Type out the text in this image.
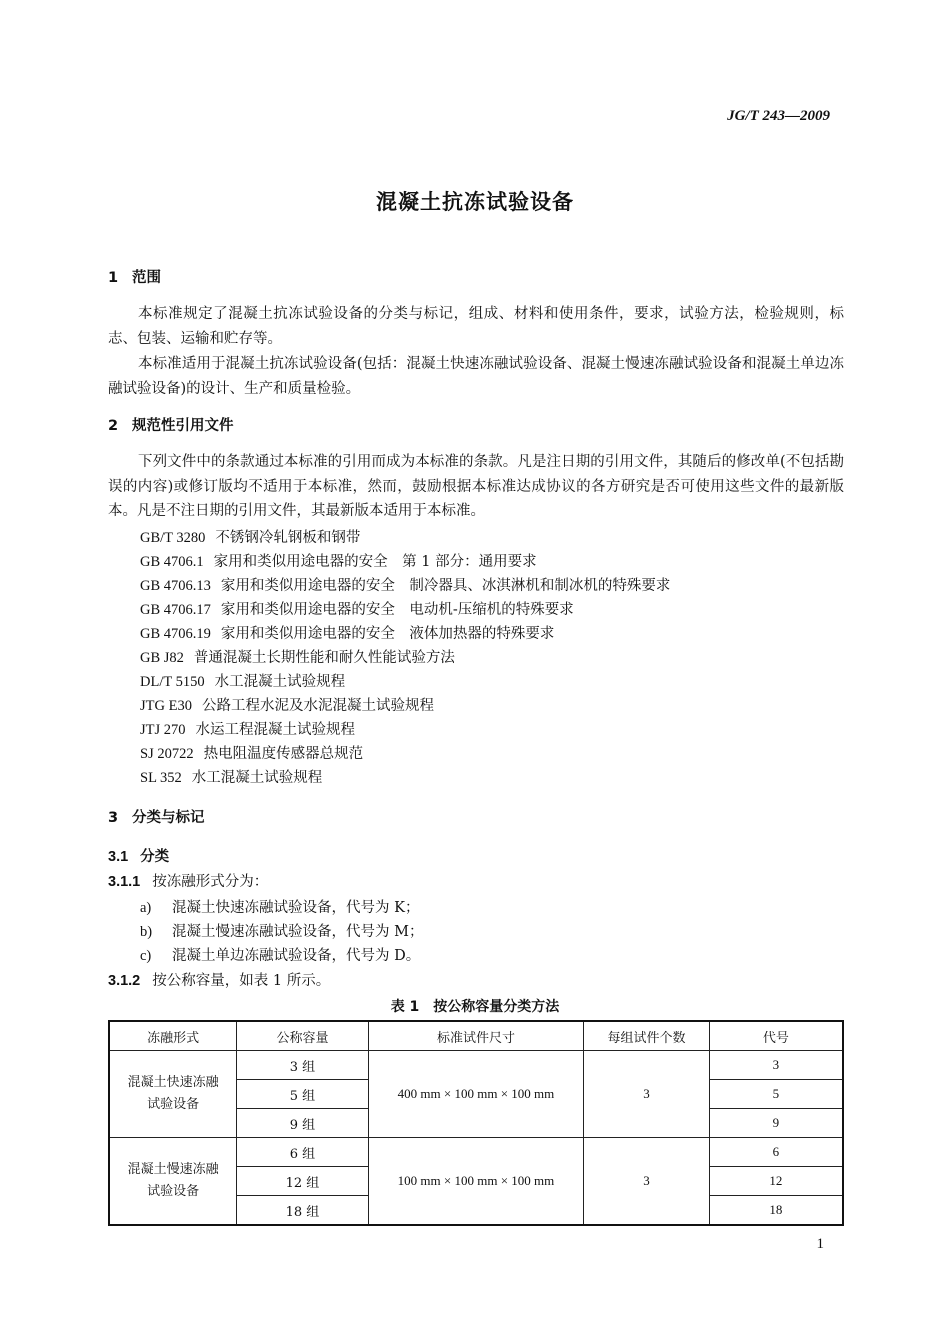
JG/T 243—2009
混凝土抗冻试验设备
1 范围
本标准规定了混凝土抗冻试验设备的分类与标记，组成、材料和使用条件，要求，试验方法，检验规则，标志、包装、运输和贮存等。
本标准适用于混凝土抗冻试验设备(包括：混凝土快速冻融试验设备、混凝土慢速冻融试验设备和混凝土单边冻融试验设备)的设计、生产和质量检验。
2 规范性引用文件
下列文件中的条款通过本标准的引用而成为本标准的条款。凡是注日期的引用文件，其随后的修改单(不包括勘误的内容)或修订版均不适用于本标准，然而，鼓励根据本标准达成协议的各方研究是否可使用这些文件的最新版本。凡是不注日期的引用文件，其最新版本适用于本标准。
GB/T 3280 不锈钢冷轧钢板和钢带
GB 4706.1 家用和类似用途电器的安全　第 1 部分：通用要求
GB 4706.13 家用和类似用途电器的安全　制冷器具、冰淇淋机和制冰机的特殊要求
GB 4706.17 家用和类似用途电器的安全　电动机-压缩机的特殊要求
GB 4706.19 家用和类似用途电器的安全　液体加热器的特殊要求
GB J82 普通混凝土长期性能和耐久性能试验方法
DL/T 5150 水工混凝土试验规程
JTG E30 公路工程水泥及水泥混凝土试验规程
JTJ 270 水运工程混凝土试验规程
SJ 20722 热电阻温度传感器总规范
SL 352 水工混凝土试验规程
3 分类与标记
3.1 分类
3.1.1 按冻融形式分为：
a) 混凝土快速冻融试验设备，代号为 K；
b) 混凝土慢速冻融试验设备，代号为 M；
c) 混凝土单边冻融试验设备，代号为 D。
3.1.2 按公称容量，如表 1 所示。
表 1　按公称容量分类方法
冻融形式	公称容量	标准试件尺寸	每组试件个数	代号
混凝土快速冻融
试验设备	3 组	400 mm × 100 mm × 100 mm	3	3
	5 组			5
	9 组			9
混凝土慢速冻融
试验设备	6 组	100 mm × 100 mm × 100 mm	3	6
	12 组			12
	18 组			18
1
